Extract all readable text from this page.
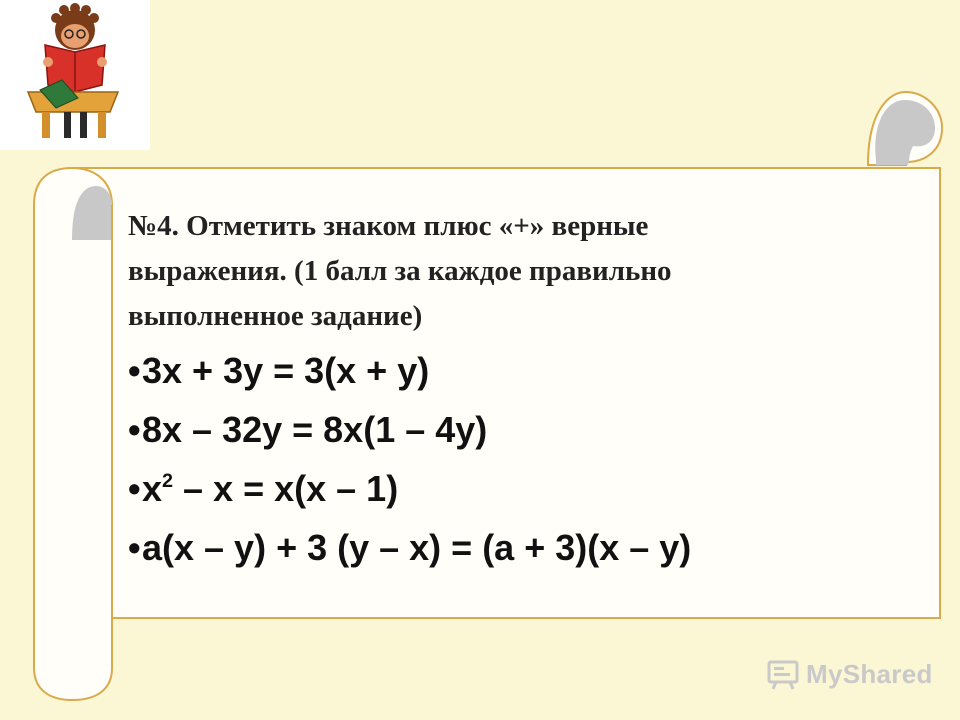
№4. Отметить знаком плюс «+» верные
выражения. (1 балл за каждое правильно
выполненное задание)
• 3х + 3у = 3(х + у)
• 8х – 32у = 8х(1 – 4у)
• $х^2 - х = х(х - 1)$
• а(х – у) + 3 (у – х) = (а + 3)(х – у)
MyShared
